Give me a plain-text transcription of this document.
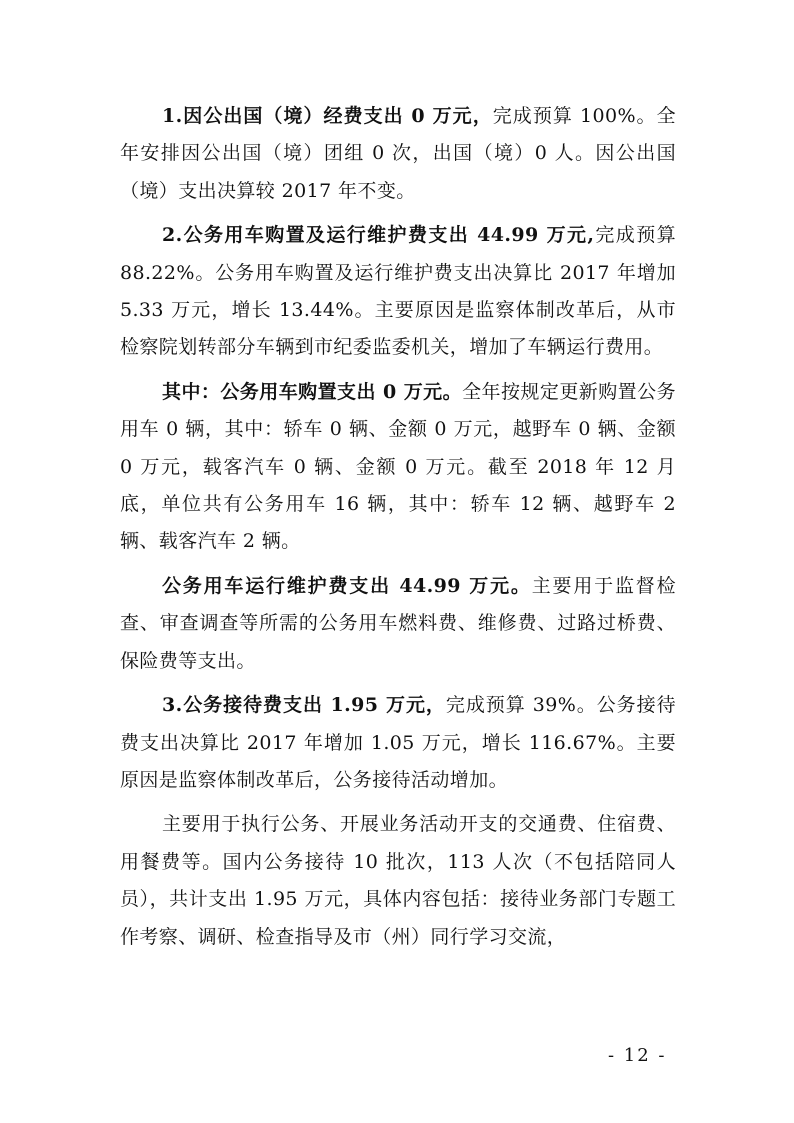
1.因公出国（境）经费支出 0 万元，完成预算 100%。全年安排因公出国（境）团组 0 次，出国（境）0 人。因公出国（境）支出决算较 2017 年不变。

2.公务用车购置及运行维护费支出 44.99 万元,完成预算 88.22%。公务用车购置及运行维护费支出决算比 2017 年增加 5.33 万元，增长 13.44%。主要原因是监察体制改革后，从市检察院划转部分车辆到市纪委监委机关，增加了车辆运行费用。

其中：公务用车购置支出 0 万元。全年按规定更新购置公务用车 0 辆，其中：轿车 0 辆、金额 0 万元，越野车 0 辆、金额 0 万元，载客汽车 0 辆、金额 0 万元。截至 2018 年 12 月底，单位共有公务用车 16 辆，其中：轿车 12 辆、越野车 2 辆、载客汽车 2 辆。

公务用车运行维护费支出 44.99 万元。主要用于监督检查、审查调查等所需的公务用车燃料费、维修费、过路过桥费、保险费等支出。

3.公务接待费支出 1.95 万元，完成预算 39%。公务接待费支出决算比 2017 年增加 1.05 万元，增长 116.67%。主要原因是监察体制改革后，公务接待活动增加。

主要用于执行公务、开展业务活动开支的交通费、住宿费、用餐费等。国内公务接待 10 批次，113 人次（不包括陪同人员），共计支出 1.95 万元，具体内容包括：接待业务部门专题工作考察、调研、检查指导及市（州）同行学习交流，

- 12 -
